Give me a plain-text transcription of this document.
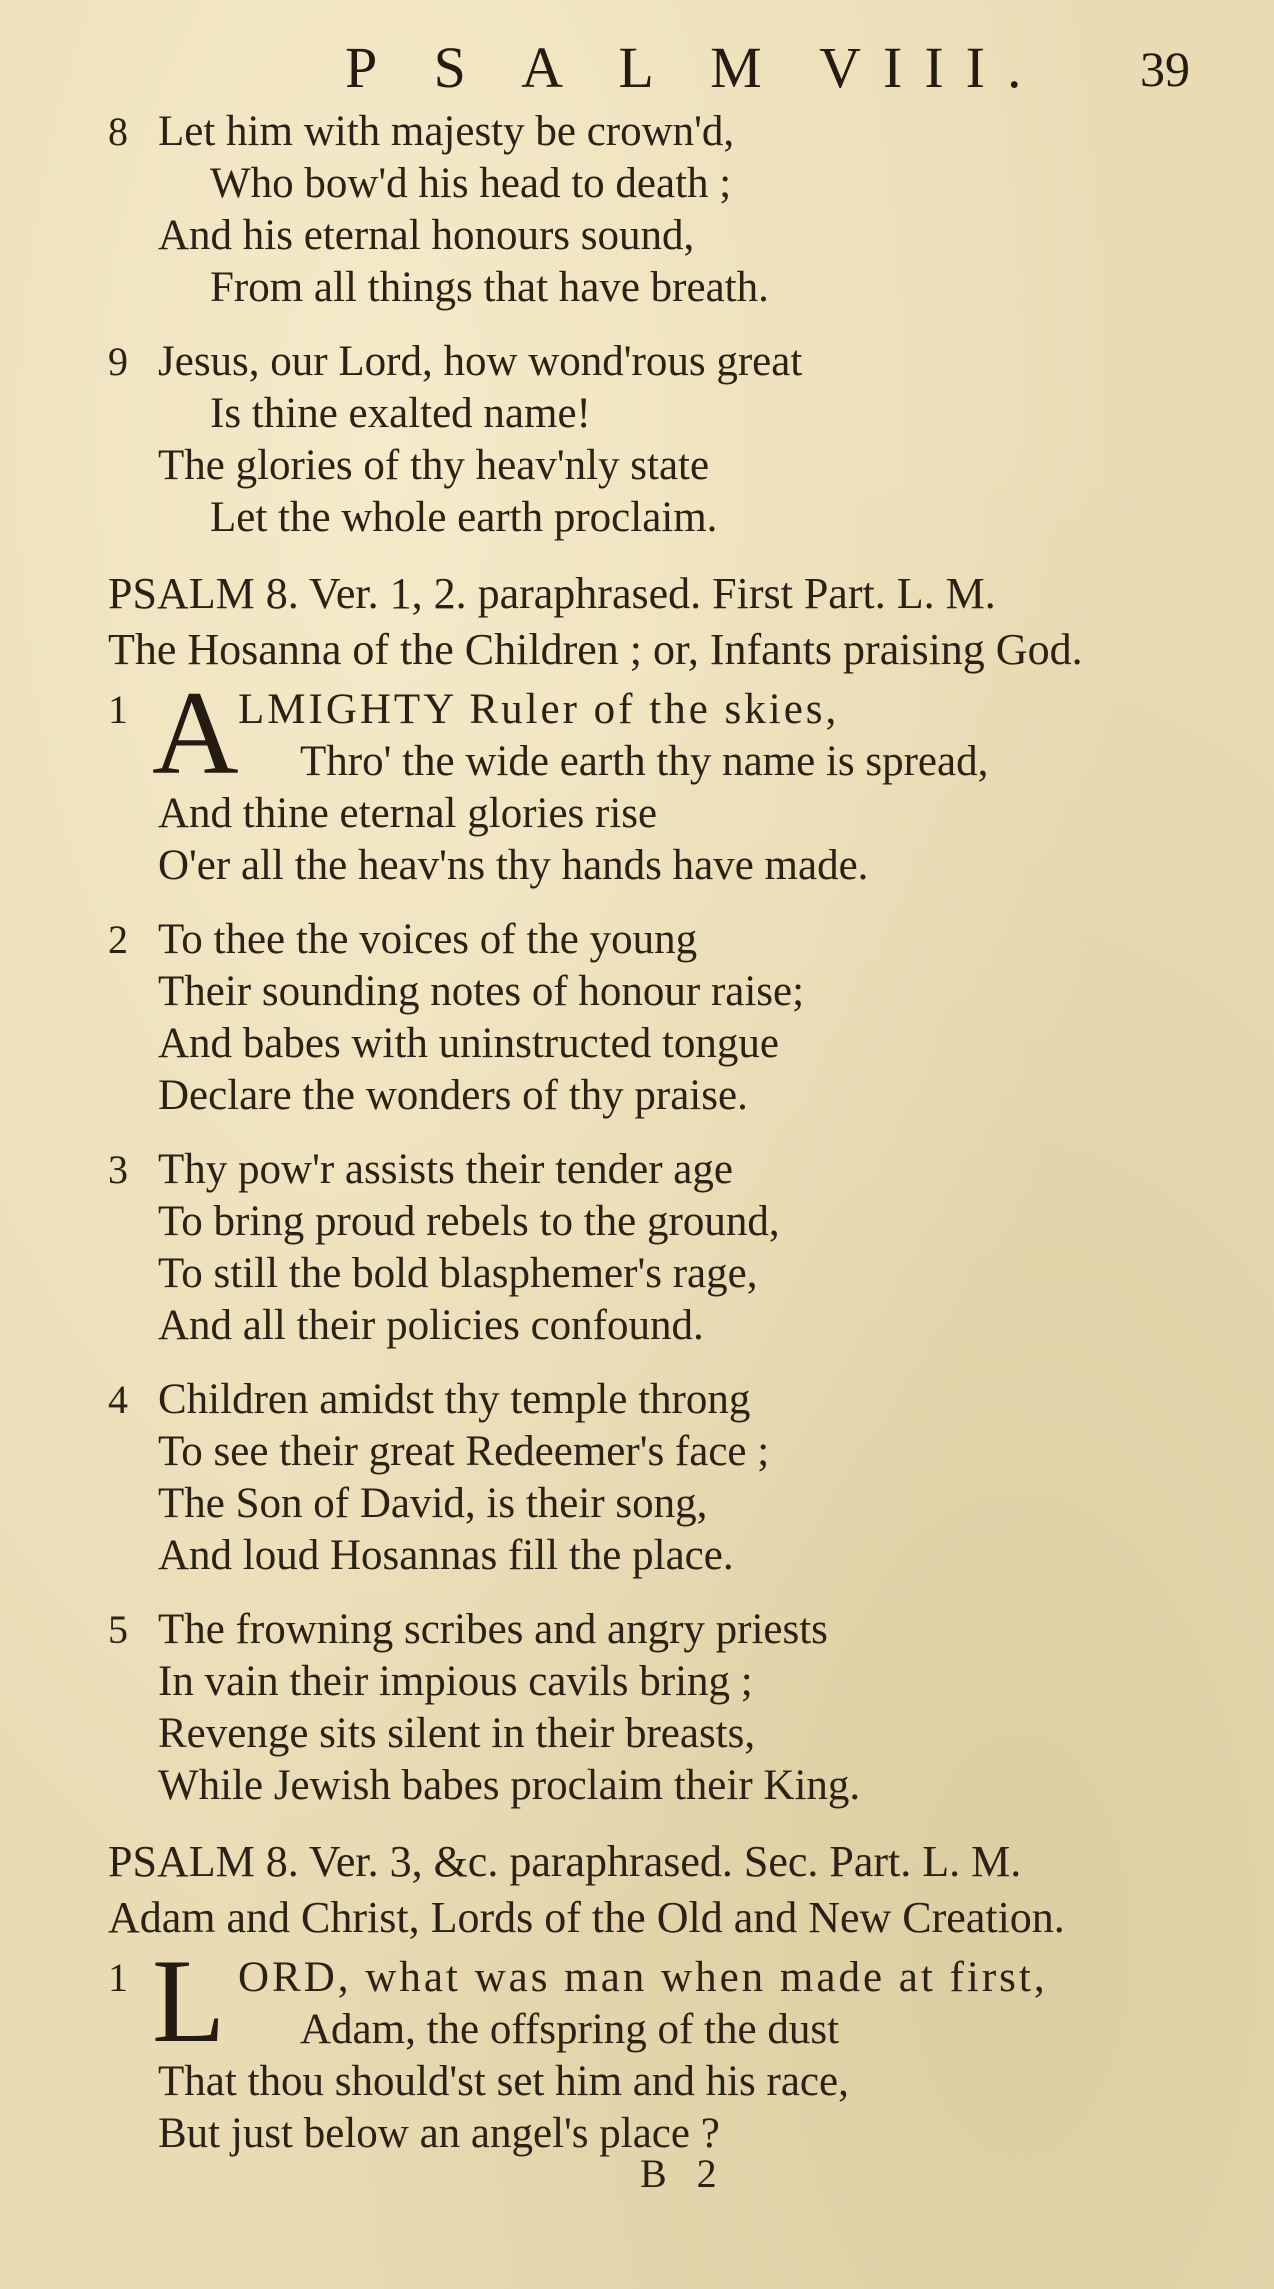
P S A L M VIII. 39
8 Let him with majesty be crown'd,
Who bow'd his head to death ;
And his eternal honours sound,
From all things that have breath.
9 Jesus, our Lord, how wond'rous great
Is thine exalted name!
The glories of thy heav'nly state
Let the whole earth proclaim.
PSALM 8. Ver. 1, 2. paraphrased. First Part. L. M.
The Hosanna of the Children ; or, Infants praising God.
A
1	LMIGHTY Ruler of the skies,
Thro' the wide earth thy name is spread,
And thine eternal glories rise
O'er all the heav'ns thy hands have made.
2 To thee the voices of the young
Their sounding notes of honour raise;
And babes with uninstructed tongue
Declare the wonders of thy praise.
3 Thy pow'r assists their tender age
To bring proud rebels to the ground,
To still the bold blasphemer's rage,
And all their policies confound.
4 Children amidst thy temple throng
To see their great Redeemer's face ;
The Son of David, is their song,
And loud Hosannas fill the place.
5 The frowning scribes and angry priests
In vain their impious cavils bring ;
Revenge sits silent in their breasts,
While Jewish babes proclaim their King.
PSALM 8. Ver. 3, &c. paraphrased. Sec. Part. L. M.
Adam and Christ, Lords of the Old and New Creation.
L
1	ORD, what was man when made at first,
Adam, the offspring of the dust
That thou should'st set him and his race,
But just below an angel's place ?
B 2
